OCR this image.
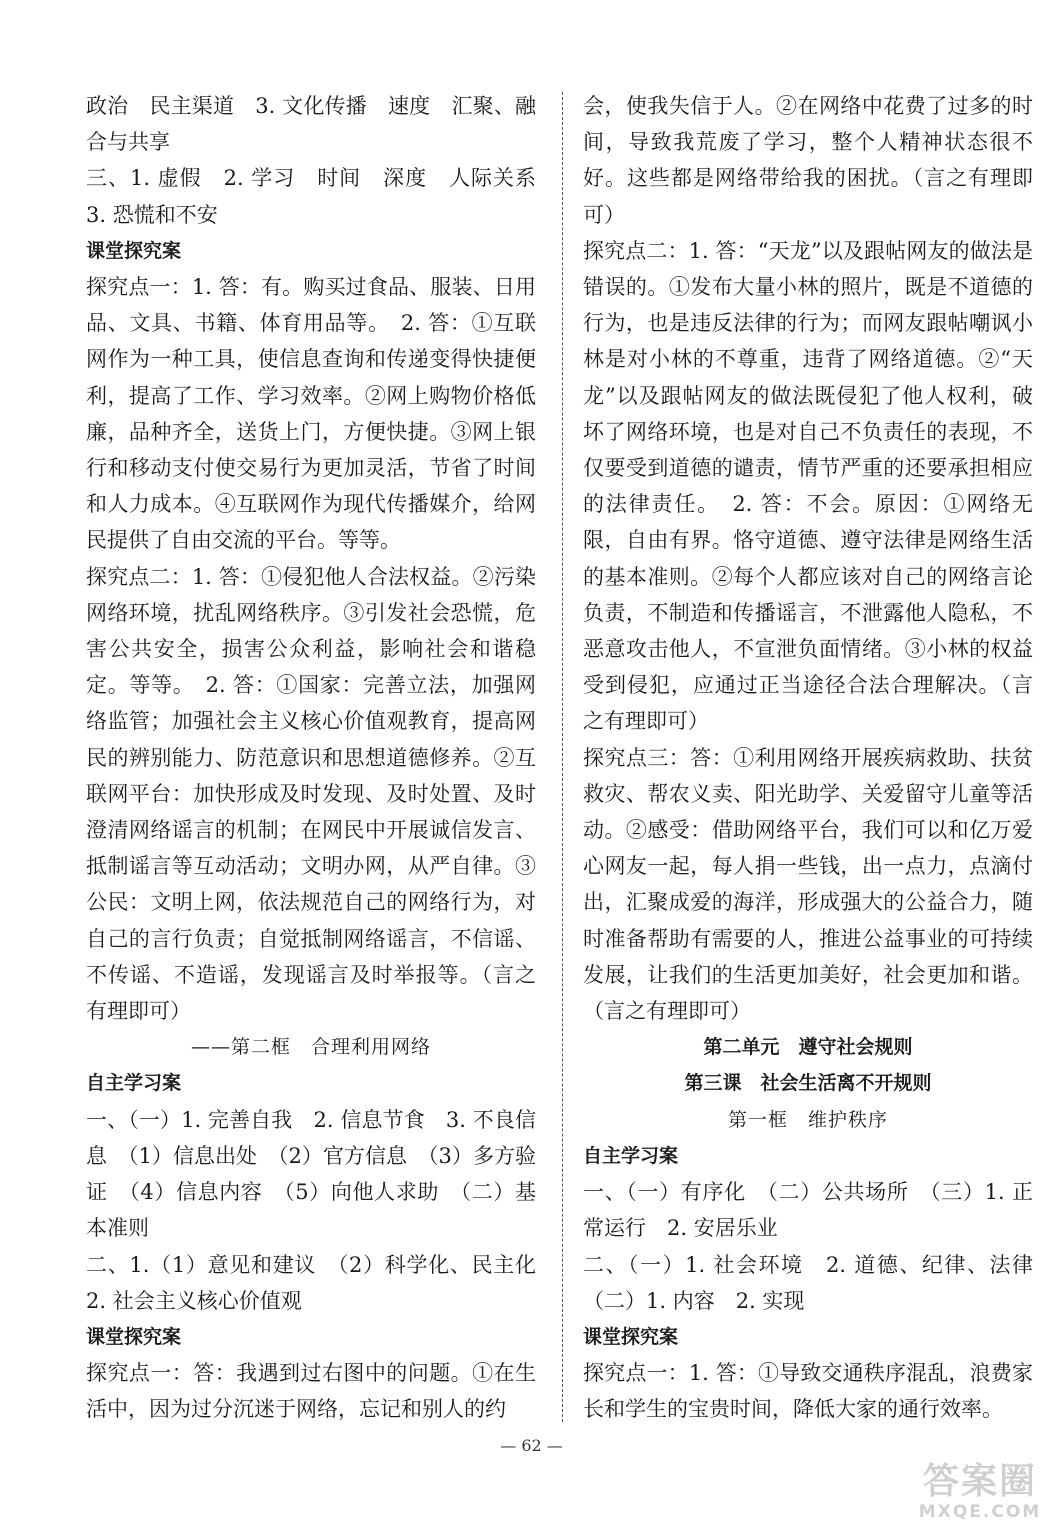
政治　民主渠道　3. 文化传播　速度　汇聚、融合与共享

三、1. 虚假　2. 学习　时间　深度　人际关系　3. 恐慌和不安

课堂探究案

探究点一：1. 答：有。购买过食品、服装、日用品、文具、书籍、体育用品等。　2. 答：①互联网作为一种工具，使信息查询和传递变得快捷便利，提高了工作、学习效率。②网上购物价格低廉，品种齐全，送货上门，方便快捷。③网上银行和移动支付使交易行为更加灵活，节省了时间和人力成本。④互联网作为现代传播媒介，给网民提供了自由交流的平台。等等。

探究点二：1. 答：①侵犯他人合法权益。②污染网络环境，扰乱网络秩序。③引发社会恐慌，危害公共安全，损害公众利益，影响社会和谐稳定。等等。　2. 答：①国家：完善立法，加强网络监管；加强社会主义核心价值观教育，提高网民的辨别能力、防范意识和思想道德修养。②互联网平台：加快形成及时发现、及时处置、及时澄清网络谣言的机制；在网民中开展诚信发言、抵制谣言等互动活动；文明办网，从严自律。③公民：文明上网，依法规范自己的网络行为，对自己的言行负责；自觉抵制网络谣言，不信谣、不传谣、不造谣，发现谣言及时举报等。（言之有理即可）

——第二框　合理利用网络

自主学习案

一、（一）1. 完善自我　2. 信息节食　3. 不良信息　（1）信息出处　（2）官方信息　（3）多方验证　（4）信息内容　（5）向他人求助　（二）基本准则

二、1.（1）意见和建议　（2）科学化、民主化　2. 社会主义核心价值观

课堂探究案

探究点一：答：我遇到过右图中的问题。①在生活中，因为过分沉迷于网络，忘记和别人的约

会，使我失信于人。②在网络中花费了过多的时间，导致我荒废了学习，整个人精神状态很不好。这些都是网络带给我的困扰。（言之有理即可）

探究点二：1. 答：“天龙”以及跟帖网友的做法是错误的。①发布大量小林的照片，既是不道德的行为，也是违反法律的行为；而网友跟帖嘲讽小林是对小林的不尊重，违背了网络道德。②“天龙”以及跟帖网友的做法既侵犯了他人权利，破坏了网络环境，也是对自己不负责任的表现，不仅要受到道德的谴责，情节严重的还要承担相应的法律责任。　2. 答：不会。原因：①网络无限，自由有界。恪守道德、遵守法律是网络生活的基本准则。②每个人都应该对自己的网络言论负责，不制造和传播谣言，不泄露他人隐私，不恶意攻击他人，不宣泄负面情绪。③小林的权益受到侵犯，应通过正当途径合法合理解决。（言之有理即可）

探究点三：答：①利用网络开展疾病救助、扶贫救灾、帮农义卖、阳光助学、关爱留守儿童等活动。②感受：借助网络平台，我们可以和亿万爱心网友一起，每人捐一些钱，出一点力，点滴付出，汇聚成爱的海洋，形成强大的公益合力，随时准备帮助有需要的人，推进公益事业的可持续发展，让我们的生活更加美好，社会更加和谐。（言之有理即可）

第二单元　遵守社会规则

第三课　社会生活离不开规则

第一框　维护秩序

自主学习案

一、（一）有序化　（二）公共场所　（三）1. 正常运行　2. 安居乐业

二、（一）1. 社会环境　2. 道德、纪律、法律　（二）1. 内容　2. 实现

课堂探究案

探究点一：1. 答：①导致交通秩序混乱，浪费家长和学生的宝贵时间，降低大家的通行效率。

— 62 —
答案圈
MXQE.COM
